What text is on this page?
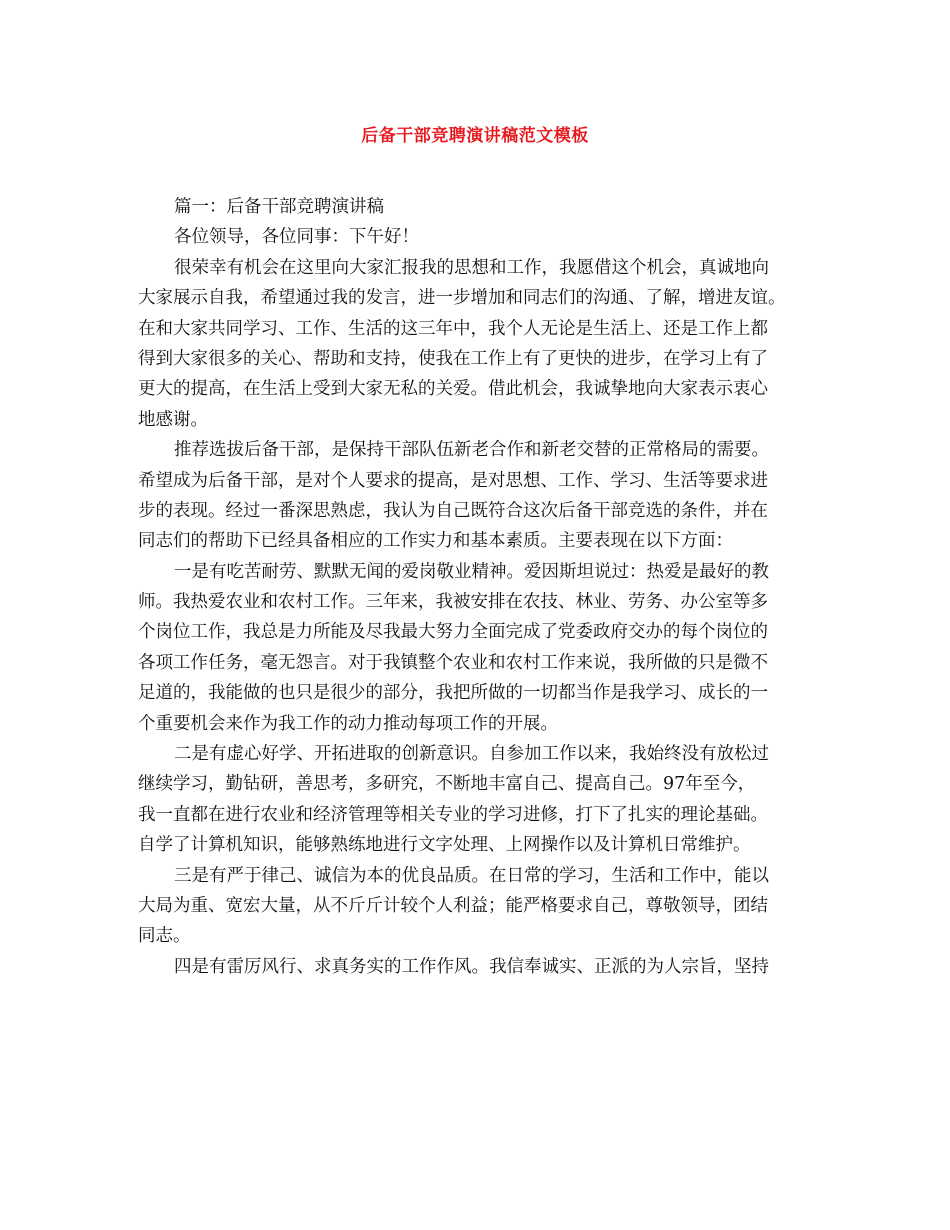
后备干部竞聘演讲稿范文模板
篇一：后备干部竞聘演讲稿
各位领导，各位同事：下午好！
很荣幸有机会在这里向大家汇报我的思想和工作，我愿借这个机会，真诚地向
大家展示自我，希望通过我的发言，进一步增加和同志们的沟通、了解，增进友谊。
在和大家共同学习、工作、生活的这三年中，我个人无论是生活上、还是工作上都
得到大家很多的关心、帮助和支持，使我在工作上有了更快的进步，在学习上有了
更大的提高，在生活上受到大家无私的关爱。借此机会，我诚挚地向大家表示衷心
地感谢。
推荐选拔后备干部，是保持干部队伍新老合作和新老交替的正常格局的需要。
希望成为后备干部，是对个人要求的提高，是对思想、工作、学习、生活等要求进
步的表现。经过一番深思熟虑，我认为自己既符合这次后备干部竞选的条件，并在
同志们的帮助下已经具备相应的工作实力和基本素质。主要表现在以下方面：
一是有吃苦耐劳、默默无闻的爱岗敬业精神。爱因斯坦说过：热爱是最好的教
师。我热爱农业和农村工作。三年来，我被安排在农技、林业、劳务、办公室等多
个岗位工作，我总是力所能及尽我最大努力全面完成了党委政府交办的每个岗位的
各项工作任务，毫无怨言。对于我镇整个农业和农村工作来说，我所做的只是微不
足道的，我能做的也只是很少的部分，我把所做的一切都当作是我学习、成长的一
个重要机会来作为我工作的动力推动每项工作的开展。
二是有虚心好学、开拓进取的创新意识。自参加工作以来，我始终没有放松过
继续学习，勤钻研，善思考，多研究，不断地丰富自己、提高自己。97年至今，
我一直都在进行农业和经济管理等相关专业的学习进修，打下了扎实的理论基础。
自学了计算机知识，能够熟练地进行文字处理、上网操作以及计算机日常维护。
三是有严于律己、诚信为本的优良品质。在日常的学习，生活和工作中，能以
大局为重、宽宏大量，从不斤斤计较个人利益；能严格要求自己，尊敬领导，团结
同志。
四是有雷厉风行、求真务实的工作作风。我信奉诚实、正派的为人宗旨，坚持
